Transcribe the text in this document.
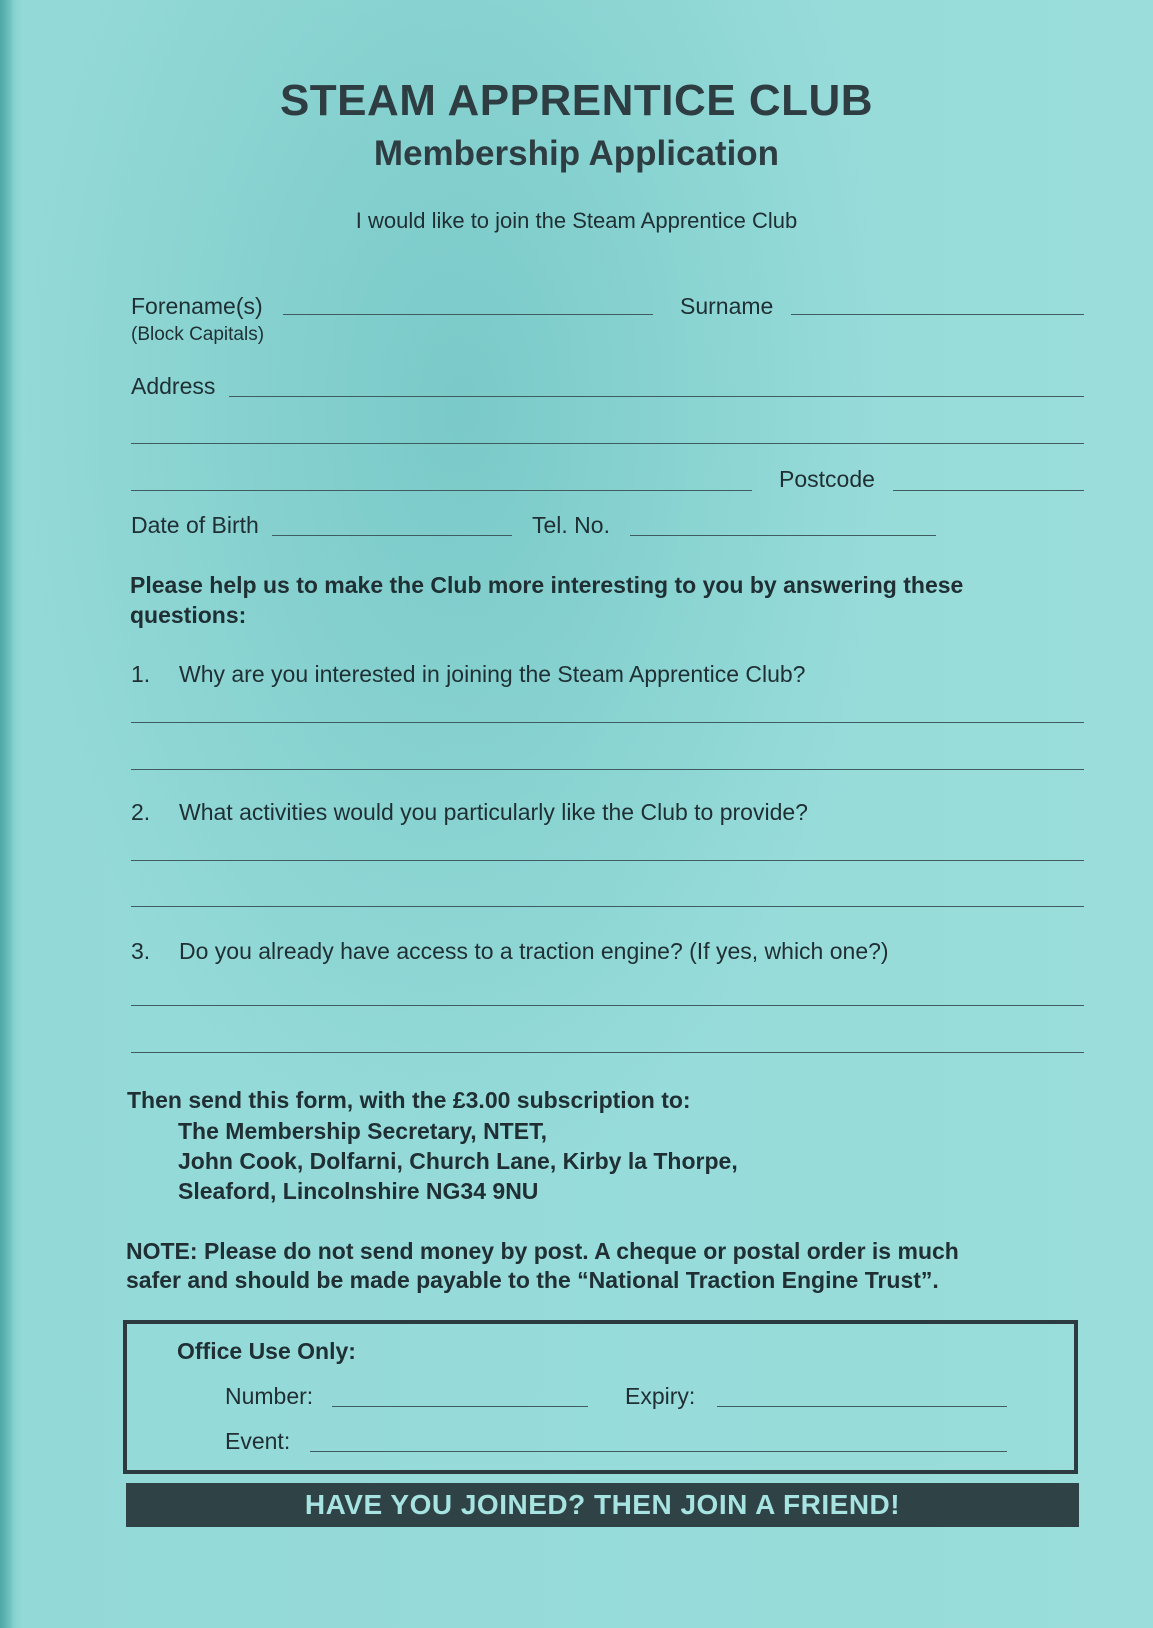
STEAM APPRENTICE CLUB
Membership Application
I would like to join the Steam Apprentice Club
Forename(s)
(Block Capitals)
Surname
Address
Postcode
Date of Birth	Tel. No.
Please help us to make the Club more interesting to you by answering these questions:
1. Why are you interested in joining the Steam Apprentice Club?
2. What activities would you particularly like the Club to provide?
3. Do you already have access to a traction engine? (If yes, which one?)
Then send this form, with the £3.00 subscription to:
The Membership Secretary, NTET,
John Cook, Dolfarni, Church Lane, Kirby la Thorpe,
Sleaford, Lincolnshire NG34 9NU
NOTE: Please do not send money by post. A cheque or postal order is much
safer and should be made payable to the “National Traction Engine Trust”.
Office Use Only:
Number:	Expiry:
Event:
HAVE YOU JOINED? THEN JOIN A FRIEND!
